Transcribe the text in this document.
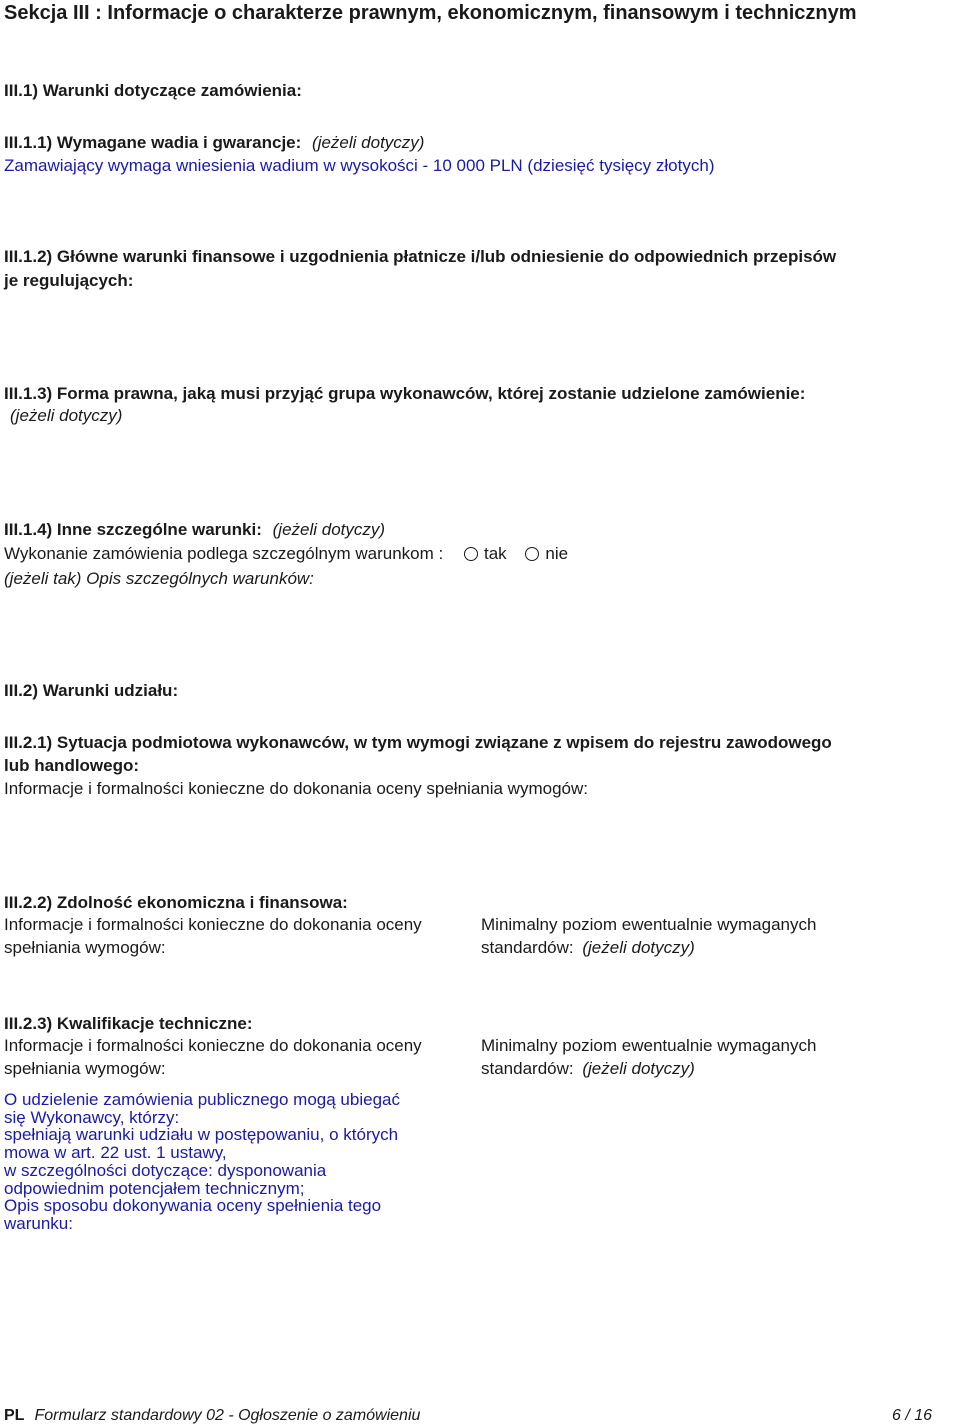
Sekcja III : Informacje o charakterze prawnym, ekonomicznym, finansowym i technicznym
III.1) Warunki dotyczące zamówienia:
III.1.1) Wymagane wadia i gwarancje: (jeżeli dotyczy)
Zamawiający wymaga wniesienia wadium w wysokości - 10 000 PLN (dziesięć tysięcy złotych)
III.1.2) Główne warunki finansowe i uzgodnienia płatnicze i/lub odniesienie do odpowiednich przepisów
je regulujących:
III.1.3) Forma prawna, jaką musi przyjąć grupa wykonawców, której zostanie udzielone zamówienie:
(jeżeli dotyczy)
III.1.4) Inne szczególne warunki: (jeżeli dotyczy)
Wykonanie zamówienia podlega szczególnym warunkom : tak nie
(jeżeli tak) Opis szczególnych warunków:
III.2) Warunki udziału:
III.2.1) Sytuacja podmiotowa wykonawców, w tym wymogi związane z wpisem do rejestru zawodowego
lub handlowego:
Informacje i formalności konieczne do dokonania oceny spełniania wymogów:
III.2.2) Zdolność ekonomiczna i finansowa:
Informacje i formalności konieczne do dokonania oceny
spełniania wymogów:
Minimalny poziom ewentualnie wymaganych
standardów: (jeżeli dotyczy)
III.2.3) Kwalifikacje techniczne:
Informacje i formalności konieczne do dokonania oceny
spełniania wymogów:
Minimalny poziom ewentualnie wymaganych
standardów: (jeżeli dotyczy)
O udzielenie zamówienia publicznego mogą ubiegać
się Wykonawcy, którzy:
spełniają warunki udziału w postępowaniu, o których
mowa w art. 22 ust. 1 ustawy,
w szczególności dotyczące: dysponowania
odpowiednim potencjałem technicznym;
Opis sposobu dokonywania oceny spełnienia tego
warunku:
PL Formularz standardowy 02 - Ogłoszenie o zamówieniu	6 / 16
